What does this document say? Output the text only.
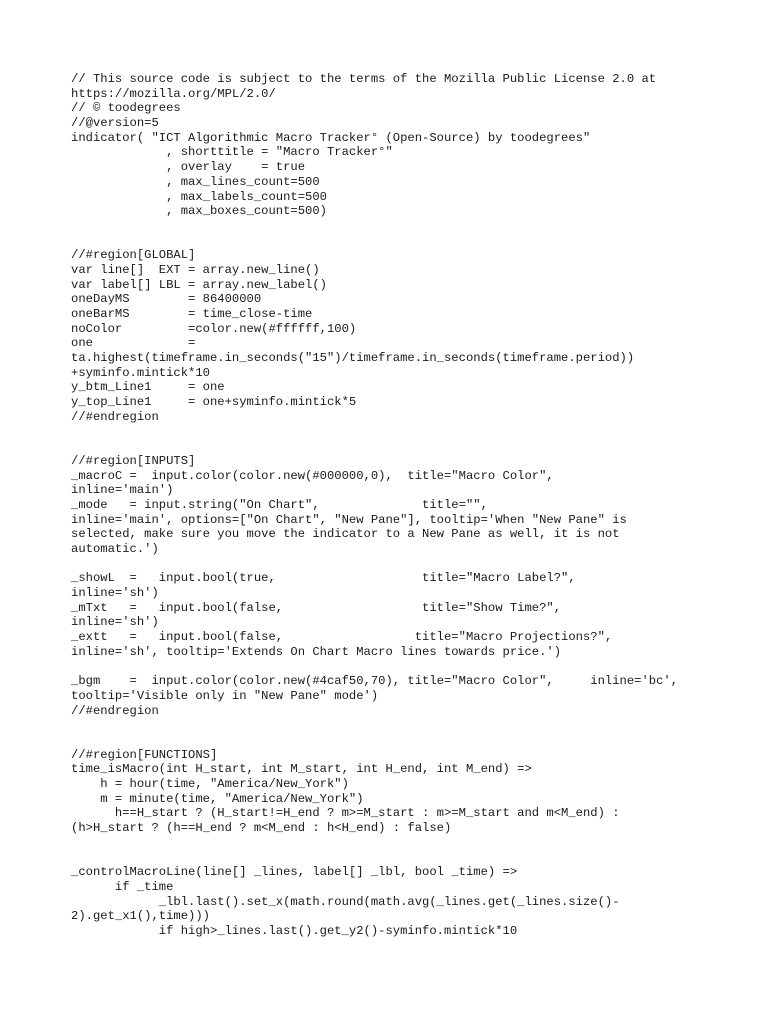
// This source code is subject to the terms of the Mozilla Public License 2.0 at
https://mozilla.org/MPL/2.0/
// © toodegrees
//@version=5
indicator( "ICT Algorithmic Macro Tracker° (Open-Source) by toodegrees"
, shorttitle = "Macro Tracker°"
, overlay    = true
, max_lines_count=500
, max_labels_count=500
, max_boxes_count=500)
//#region[GLOBAL]
var line[]  EXT = array.new_line()
var label[] LBL = array.new_label()
oneDayMS        = 86400000
oneBarMS        = time_close-time
noColor         =color.new(#ffffff,100)
one             =
ta.highest(timeframe.in_seconds("15")/timeframe.in_seconds(timeframe.period))
+syminfo.mintick*10
y_btm_Line1     = one
y_top_Line1     = one+syminfo.mintick*5
//#endregion
//#region[INPUTS]
_macroC =  input.color(color.new(#000000,0),  title="Macro Color",
inline='main')
_mode   = input.string("On Chart",              title="",
inline='main', options=["On Chart", "New Pane"], tooltip='When "New Pane" is
selected, make sure you move the indicator to a New Pane as well, it is not
automatic.')
_showL  =   input.bool(true,                    title="Macro Label?",
inline='sh')
_mTxt   =   input.bool(false,                   title="Show Time?",
inline='sh')
_extt   =   input.bool(false,                  title="Macro Projections?",
inline='sh', tooltip='Extends On Chart Macro lines towards price.')
_bgm    =  input.color(color.new(#4caf50,70), title="Macro Color",     inline='bc',
tooltip='Visible only in "New Pane" mode')
//#endregion
//#region[FUNCTIONS]
time_isMacro(int H_start, int M_start, int H_end, int M_end) =>
h = hour(time, "America/New_York")
m = minute(time, "America/New_York")
h==H_start ? (H_start!=H_end ? m>=M_start : m>=M_start and m<M_end) :
(h>H_start ? (h==H_end ? m<M_end : h<H_end) : false)
_controlMacroLine(line[] _lines, label[] _lbl, bool _time) =>
if _time
_lbl.last().set_x(math.round(math.avg(_lines.get(_lines.size()-
2).get_x1(),time)))
if high>_lines.last().get_y2()-syminfo.mintick*10
